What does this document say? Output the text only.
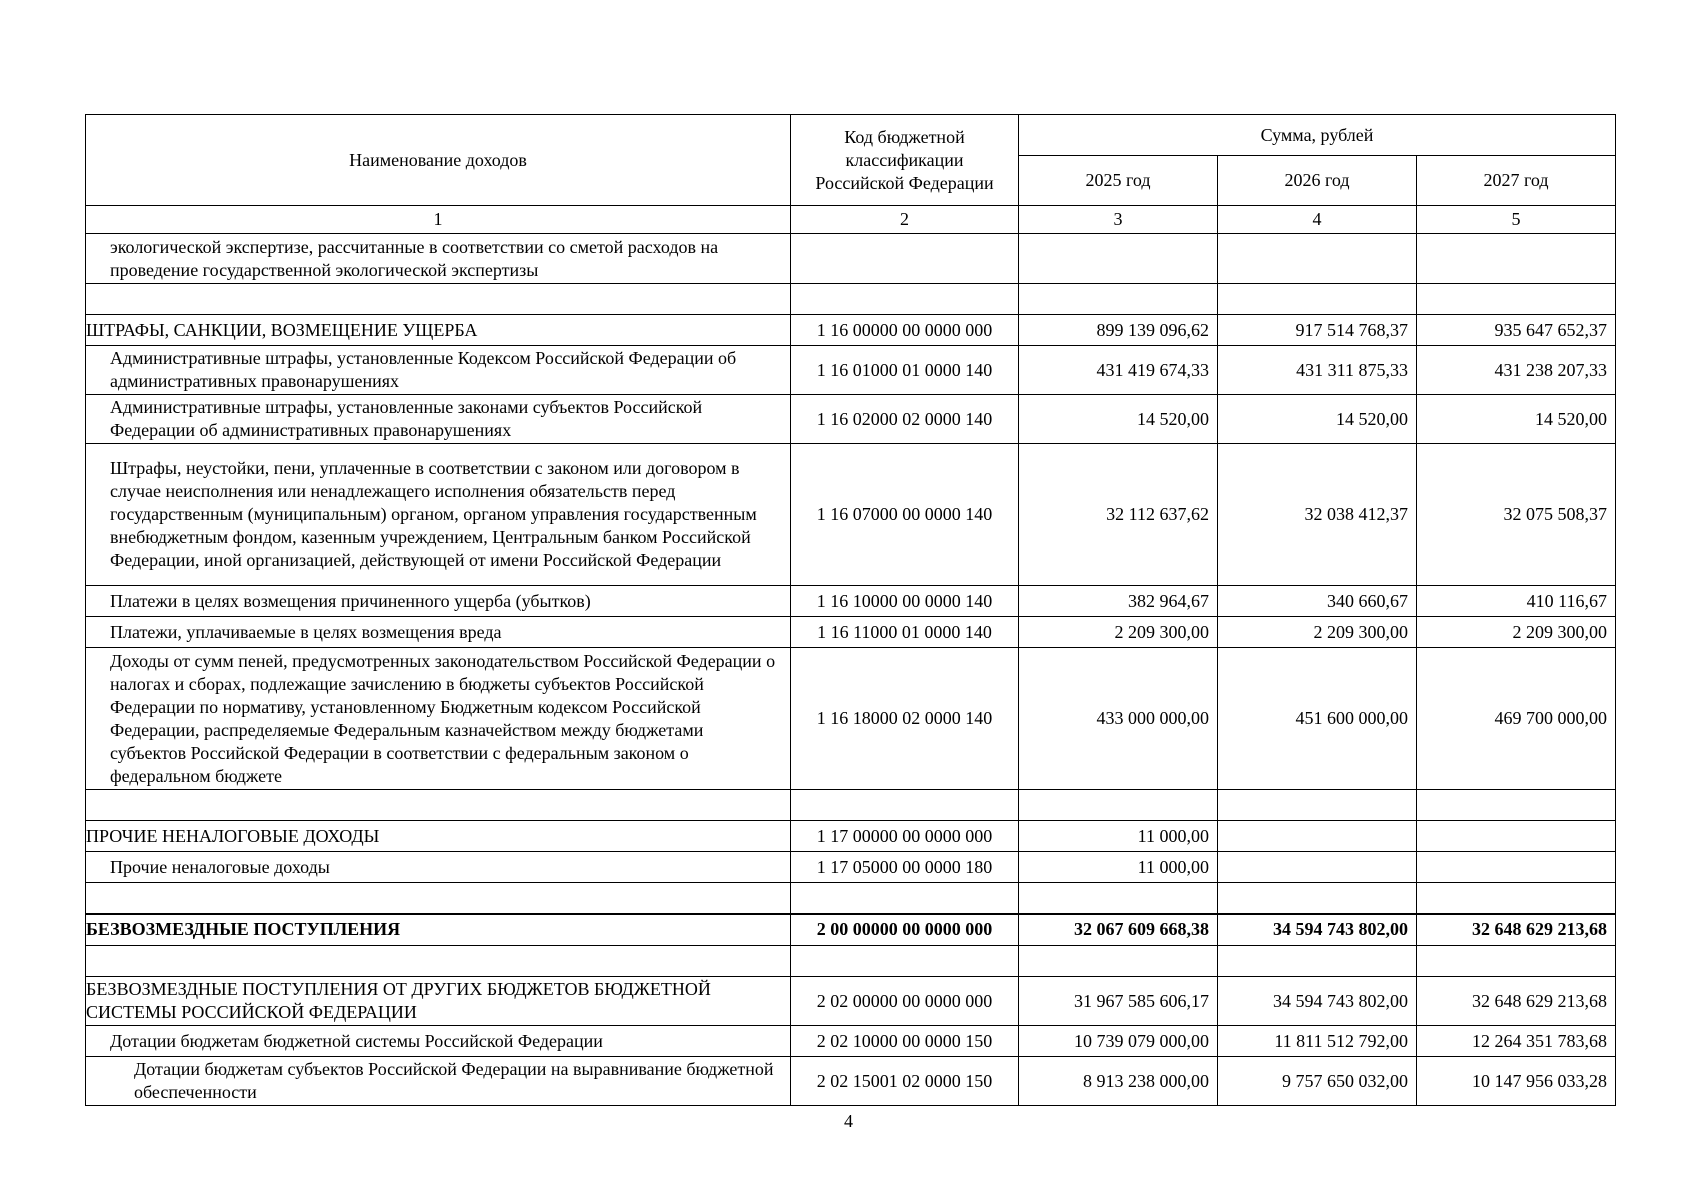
Наименование доходов	Код бюджетной классификации Российской Федерации	Сумма, рублей		
		2025 год	2026 год	2027 год
1	2	3	4	5
экологической экспертизе, рассчитанные в соответствии со сметой расходов на проведение государственной экологической экспертизы				

ШТРАФЫ, САНКЦИИ, ВОЗМЕЩЕНИЕ УЩЕРБА	1 16 00000 00 0000 000	899 139 096,62	917 514 768,37	935 647 652,37
Административные штрафы, установленные Кодексом Российской Федерации об административных правонарушениях	1 16 01000 01 0000 140	431 419 674,33	431 311 875,33	431 238 207,33
Административные штрафы, установленные законами субъектов Российской Федерации об административных правонарушениях	1 16 02000 02 0000 140	14 520,00	14 520,00	14 520,00
Штрафы, неустойки, пени, уплаченные в соответствии с законом или договором в случае неисполнения или ненадлежащего исполнения обязательств перед государственным (муниципальным) органом, органом управления государственным внебюджетным фондом, казенным учреждением, Центральным банком Российской Федерации, иной организацией, действующей от имени Российской Федерации	1 16 07000 00 0000 140	32 112 637,62	32 038 412,37	32 075 508,37
Платежи в целях возмещения причиненного ущерба (убытков)	1 16 10000 00 0000 140	382 964,67	340 660,67	410 116,67
Платежи, уплачиваемые в целях возмещения вреда	1 16 11000 01 0000 140	2 209 300,00	2 209 300,00	2 209 300,00
Доходы от сумм пеней, предусмотренных законодательством Российской Федерации о налогах и сборах, подлежащие зачислению в бюджеты субъектов Российской Федерации по нормативу, установленному Бюджетным кодексом Российской Федерации, распределяемые Федеральным казначейством между бюджетами субъектов Российской Федерации в соответствии с федеральным законом о федеральном бюджете	1 16 18000 02 0000 140	433 000 000,00	451 600 000,00	469 700 000,00

ПРОЧИЕ НЕНАЛОГОВЫЕ ДОХОДЫ	1 17 00000 00 0000 000	11 000,00		
Прочие неналоговые доходы	1 17 05000 00 0000 180	11 000,00		

БЕЗВОЗМЕЗДНЫЕ ПОСТУПЛЕНИЯ	2 00 00000 00 0000 000	32 067 609 668,38	34 594 743 802,00	32 648 629 213,68

БЕЗВОЗМЕЗДНЫЕ ПОСТУПЛЕНИЯ ОТ ДРУГИХ БЮДЖЕТОВ БЮДЖЕТНОЙ СИСТЕМЫ РОССИЙСКОЙ ФЕДЕРАЦИИ	2 02 00000 00 0000 000	31 967 585 606,17	34 594 743 802,00	32 648 629 213,68
Дотации бюджетам бюджетной системы Российской Федерации	2 02 10000 00 0000 150	10 739 079 000,00	11 811 512 792,00	12 264 351 783,68
Дотации бюджетам субъектов Российской Федерации на выравнивание бюджетной обеспеченности	2 02 15001 02 0000 150	8 913 238 000,00	9 757 650 032,00	10 147 956 033,28
4
